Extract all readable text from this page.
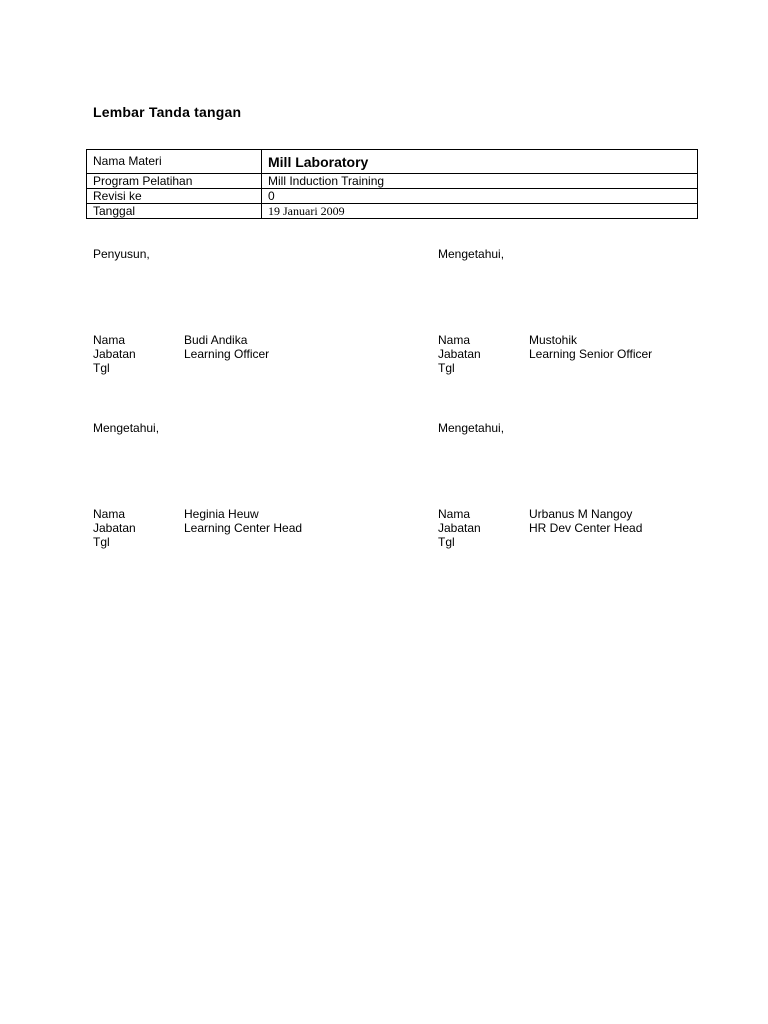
Lembar Tanda tangan
Nama Materi	Mill Laboratory
Program Pelatihan	Mill Induction Training
Revisi ke	0
Tanggal	19 Januari 2009
Penyusun,
Nama	Budi Andika
Jabatan	Learning Officer
Tgl
Mengetahui,
Nama	Mustohik
Jabatan	Learning Senior Officer
Tgl
Mengetahui,
Nama	Heginia Heuw
Jabatan	Learning Center Head
Tgl
Mengetahui,
Nama	Urbanus M Nangoy
Jabatan	HR Dev Center Head
Tgl
